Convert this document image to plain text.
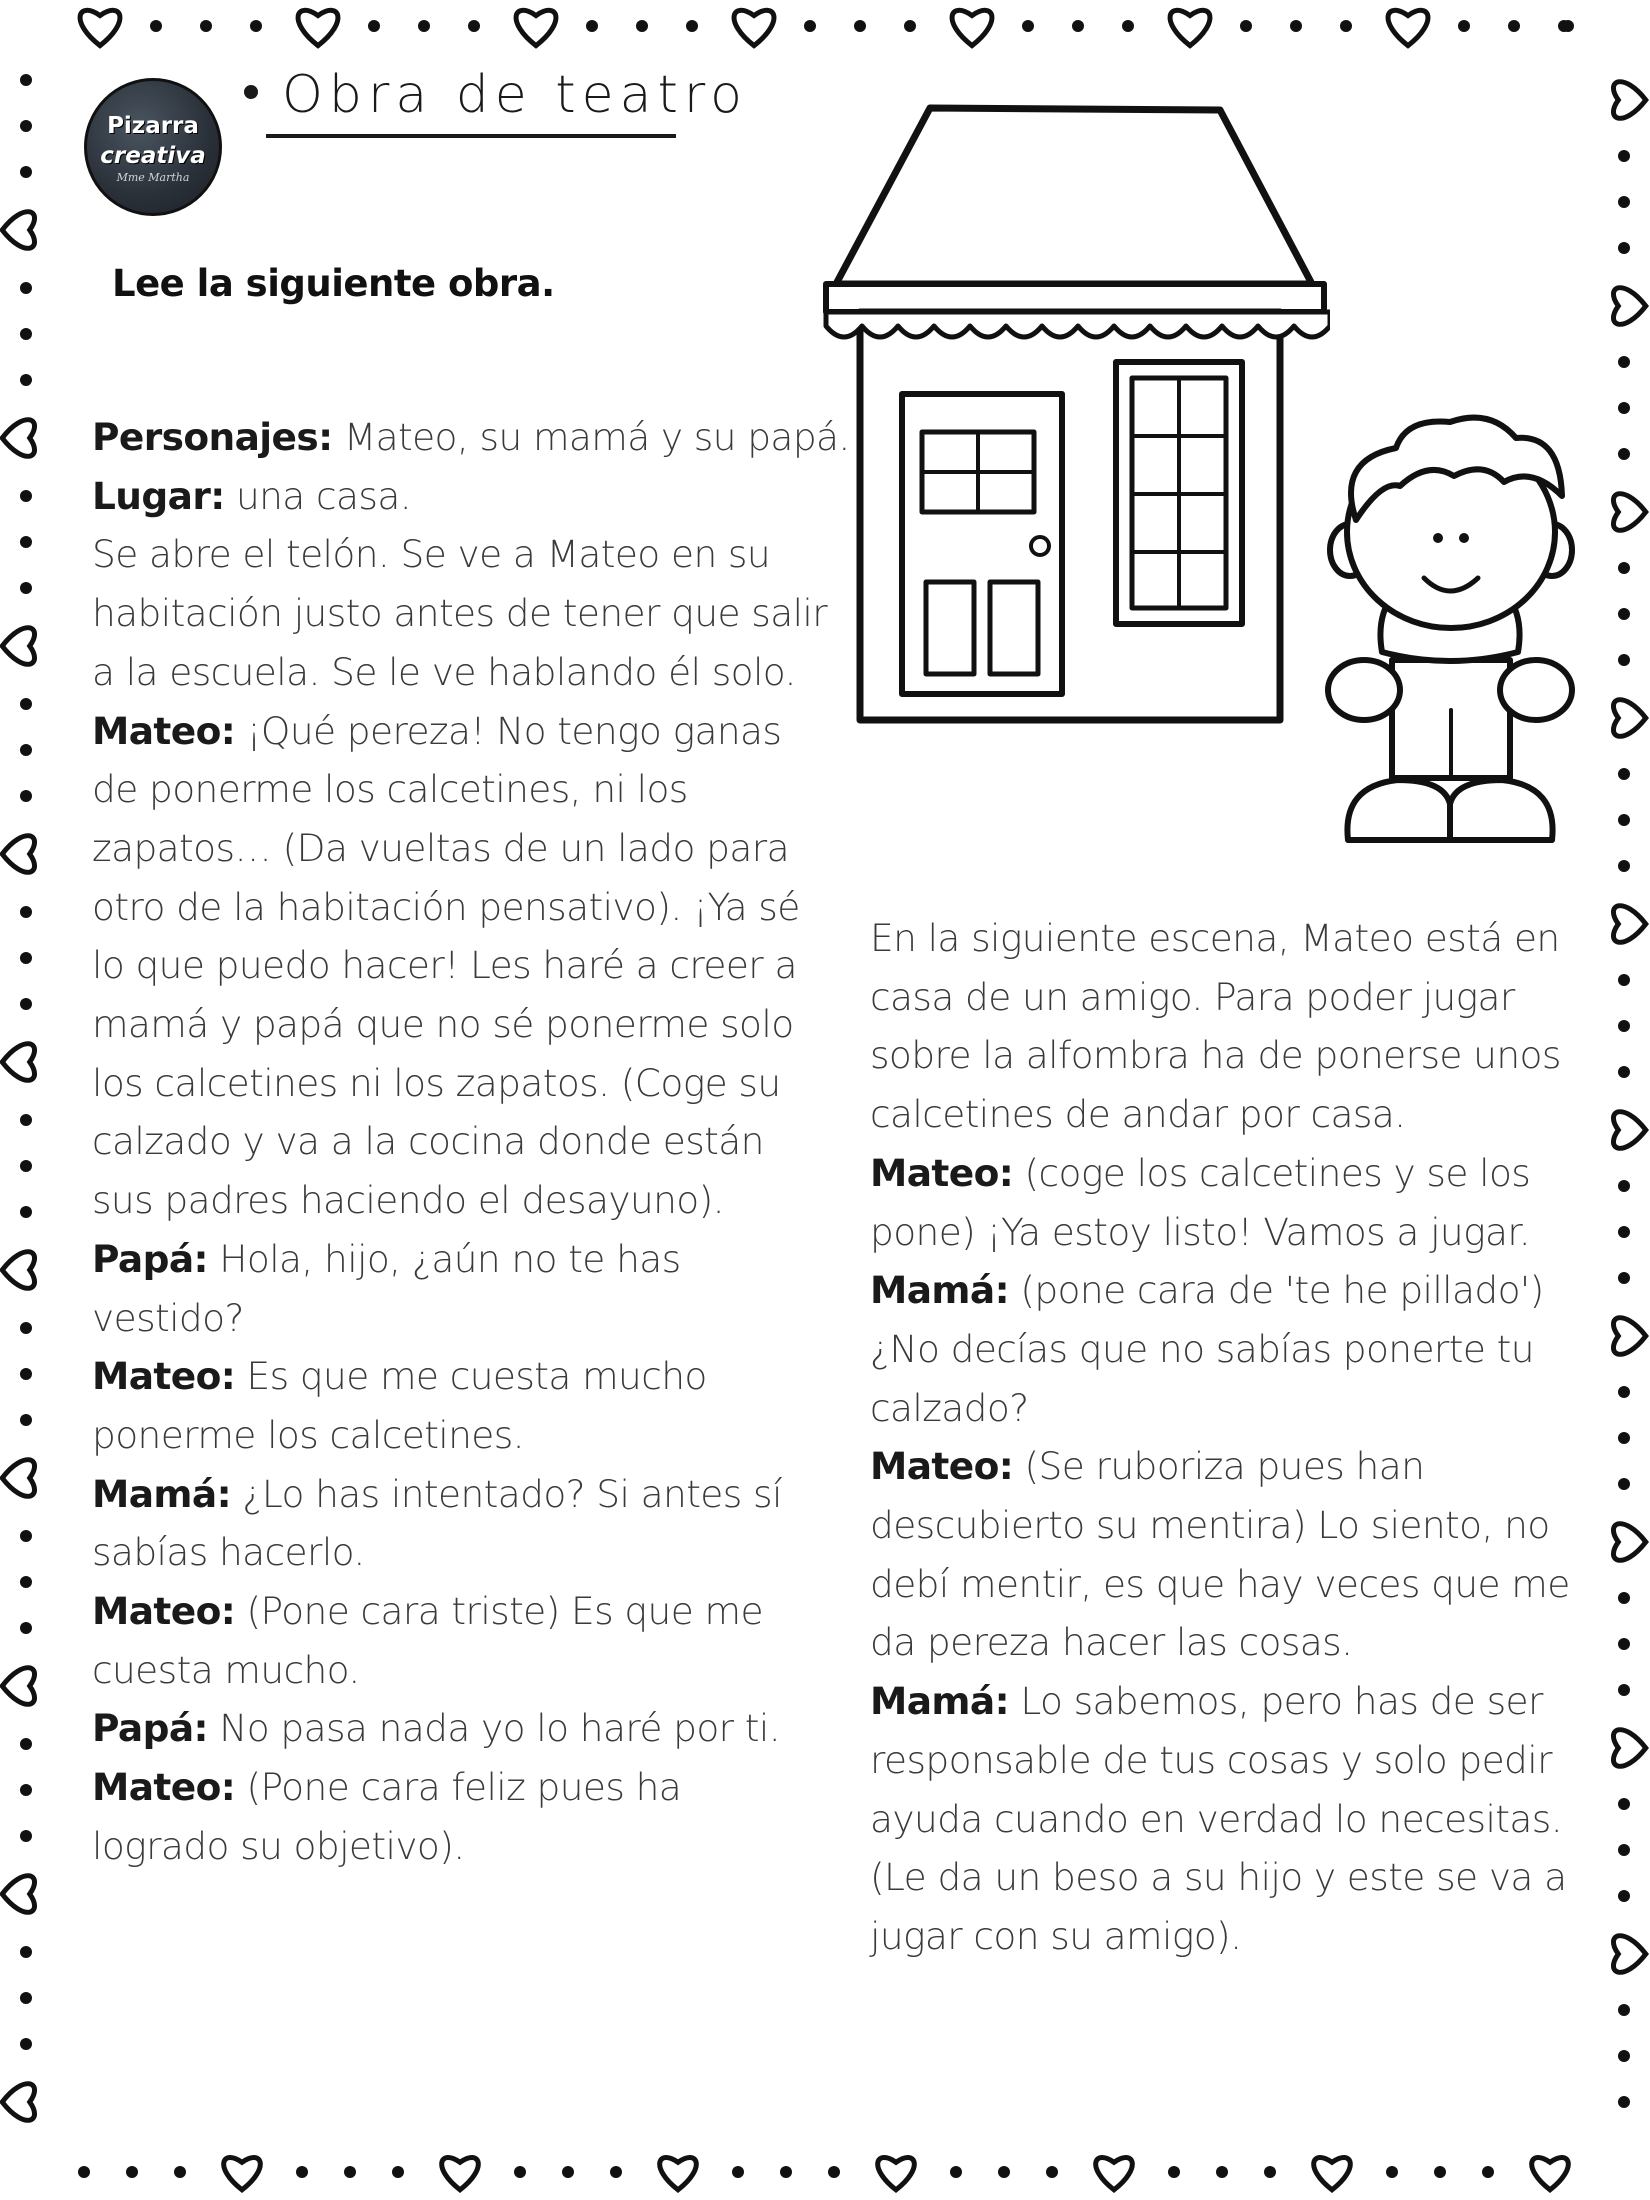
Pizarra
creativa
Mme Martha
Obra de teatro
Lee la siguiente obra.
Personajes: Mateo, su mamá y su papá.
Lugar: una casa.
Se abre el telón. Se ve a Mateo en su
habitación justo antes de tener que salir
a la escuela. Se le ve hablando él solo.
Mateo: ¡Qué pereza! No tengo ganas
de ponerme los calcetines, ni los
zapatos… (Da vueltas de un lado para
otro de la habitación pensativo). ¡Ya sé
lo que puedo hacer! Les haré a creer a
mamá y papá que no sé ponerme solo
los calcetines ni los zapatos. (Coge su
calzado y va a la cocina donde están
sus padres haciendo el desayuno).
Papá: Hola, hijo, ¿aún no te has
vestido?
Mateo: Es que me cuesta mucho
ponerme los calcetines.
Mamá: ¿Lo has intentado? Si antes sí
sabías hacerlo.
Mateo: (Pone cara triste) Es que me
cuesta mucho.
Papá: No pasa nada yo lo haré por ti.
Mateo: (Pone cara feliz pues ha
logrado su objetivo).
En la siguiente escena, Mateo está en
casa de un amigo. Para poder jugar
sobre la alfombra ha de ponerse unos
calcetines de andar por casa.
Mateo: (coge los calcetines y se los
pone) ¡Ya estoy listo! Vamos a jugar.
Mamá: (pone cara de 'te he pillado')
¿No decías que no sabías ponerte tu
calzado?
Mateo: (Se ruboriza pues han
descubierto su mentira) Lo siento, no
debí mentir, es que hay veces que me
da pereza hacer las cosas.
Mamá: Lo sabemos, pero has de ser
responsable de tus cosas y solo pedir
ayuda cuando en verdad lo necesitas.
(Le da un beso a su hijo y este se va a
jugar con su amigo).
